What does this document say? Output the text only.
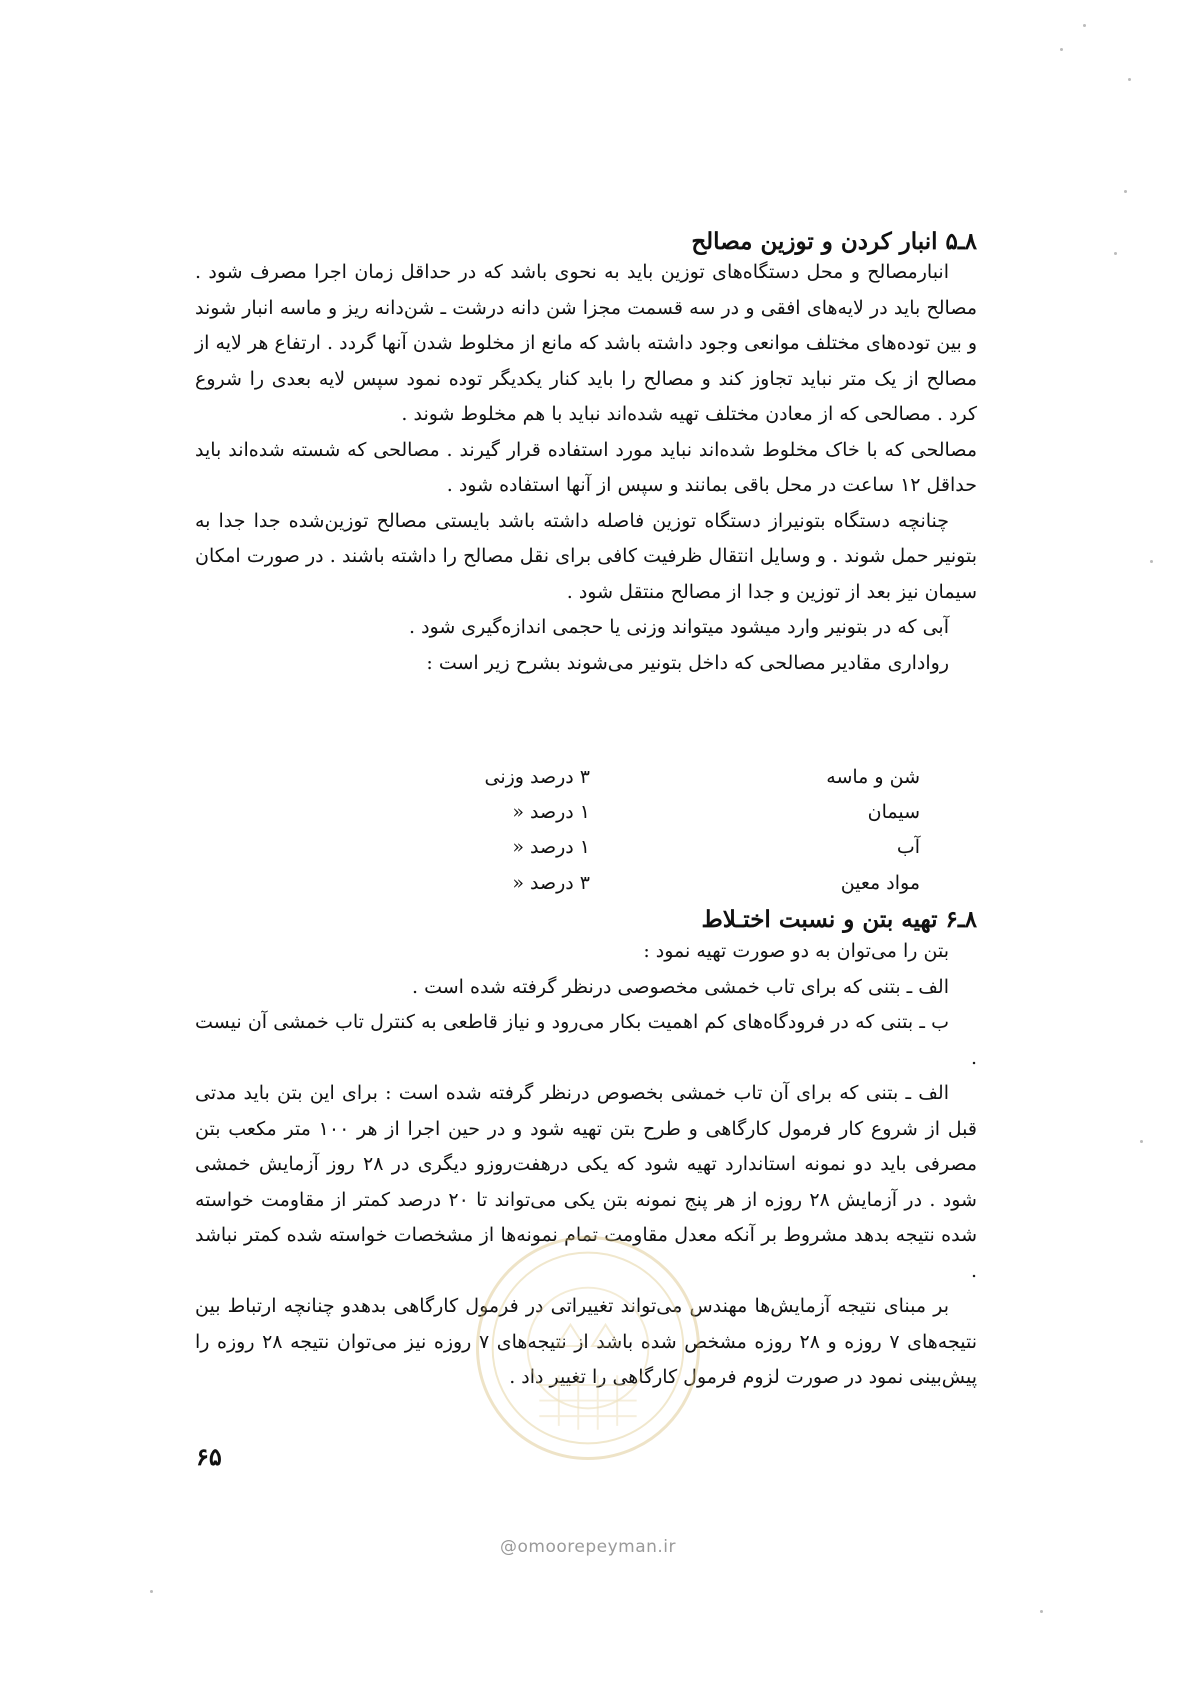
۸ـ۵ انبار کردن و توزین مصالح

انبارمصالح و محل دستگاه‌های توزین باید به نحوی باشد که در حداقل زمان اجرا مصرف شود . مصالح باید در لایه‌های افقی و در سه قسمت مجزا شن دانه درشت ـ شن‌دانه ریز و ماسه انبار شوند و بین توده‌های مختلف موانعی وجود داشته باشد که مانع از مخلوط شدن آنها گردد . ارتفاع هر لایه از مصالح از یک متر نباید تجاوز کند و مصالح را باید کنار یکدیگر توده نمود سپس لایه بعدی را شروع کرد . مصالحی که از معادن مختلف تهیه شده‌اند نباید با هم مخلوط شوند .

مصالحی که با خاک مخلوط شده‌اند نباید مورد استفاده قرار گیرند . مصالحی که شسته شده‌اند باید حداقل ۱۲ ساعت در محل باقی بمانند و سپس از آنها استفاده شود .

چنانچه دستگاه بتونیراز دستگاه توزین فاصله داشته باشد بایستی مصالح توزین‌شده جدا جدا به بتونیر حمل شوند . و وسایل انتقال ظرفیت کافی برای نقل مصالح را داشته باشند . در صورت امکان سیمان نیز بعد از توزین و جدا از مصالح منتقل شود .

آبی که در بتونیر وارد میشود میتواند وزنی یا حجمی اندازه‌گیری شود .

رواداری مقادیر مصالحی که داخل بتونیر می‌شوند بشرح زیر است :

شن و ماسه
۳ درصد وزنی
سیمان
۱ درصد «
آب
۱ درصد «
مواد معین
۳ درصد «
۸ـ۶ تهیه بتن و نسبت اختـلاط

بتن را می‌توان به دو صورت تهیه نمود :

الف ـ بتنی که برای تاب خمشی مخصوصی درنظر گرفته شده است .

ب ـ بتنی که در فرودگاه‌های کم اهمیت بکار می‌رود و نیاز قاطعی به کنترل تاب خمشی آن نیست .

الف ـ بتنی که برای آن تاب خمشی بخصوص درنظر گرفته شده است : برای این بتن باید مدتی قبل از شروع کار فرمول کارگاهی و طرح بتن تهیه شود و در حین اجرا از هر ۱۰۰ متر مکعب بتن مصرفی باید دو نمونه استاندارد تهیه شود که یکی درهفت‌روزو دیگری در ۲۸ روز آزمایش خمشی شود . در آزمایش ۲۸ روزه از هر پنج نمونه بتن یکی می‌تواند تا ۲۰ درصد کمتر از مقاومت خواسته شده نتیجه بدهد مشروط بر آنکه معدل مقاومت تمام نمونه‌ها از مشخصات خواسته شده کمتر نباشد .

بر مبنای نتیجه آزمایش‌ها مهندس می‌تواند تغییراتی در فرمول کارگاهی بدهدو چنانچه ارتباط بین نتیجه‌های ۷ روزه و ۲۸ روزه مشخص شده باشد از نتیجه‌های ۷ روزه نیز می‌توان نتیجه ۲۸ روزه را پیش‌بینی نمود در صورت لزوم فرمول کارگاهی را تغییر داد .

۶۵
@omoorepeyman.ir
